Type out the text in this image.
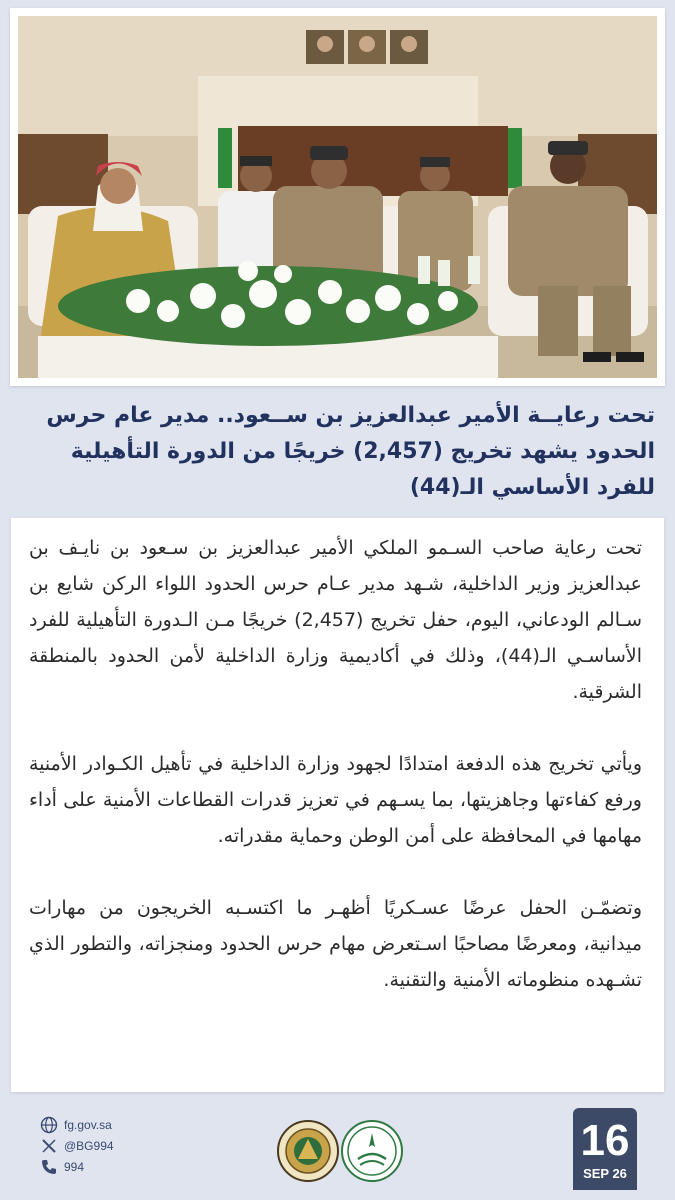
تحت رعايــة الأمير عبدالعزيز بن ســعود.. مدير عام حرس الحدود يشهد تخريج (2,457) خريجًا من الدورة التأهيلية للفرد الأساسي الـ(44)

تحت رعاية صاحب السـمو الملكي الأمير عبدالعزيز بن سـعود بن نايـف بن عبدالعزيز وزير الداخلية، شـهد مدير عـام حرس الحدود اللواء الركن شايع بن سـالم الودعاني، اليوم، حفل تخريج (2,457) خريجًا مـن الـدورة التأهيلية للفرد الأساسـي الـ(44)، وذلك في أكاديمية وزارة الداخلية لأمن الحدود بالمنطقة الشرقية.

ويأتي تخريج هذه الدفعة امتدادًا لجهود وزارة الداخلية في تأهيل الكـوادر الأمنية ورفع كفاءتها وجاهزيتها، بما يسـهم في تعزيز قدرات القطاعات الأمنية على أداء مهامها في المحافظة على أمن الوطن وحماية مقدراته.

وتضمّـن الحفل عرضًا عسـكريًا أظهـر ما اكتسـبه الخريجون من مهارات ميدانية، ومعرضًا مصاحبًا اسـتعرض مهام حرس الحدود ومنجزاته، والتطور الذي تشـهده منظوماته الأمنية والتقنية.

fg.gov.sa
@BG994
994
16
SEP 26
